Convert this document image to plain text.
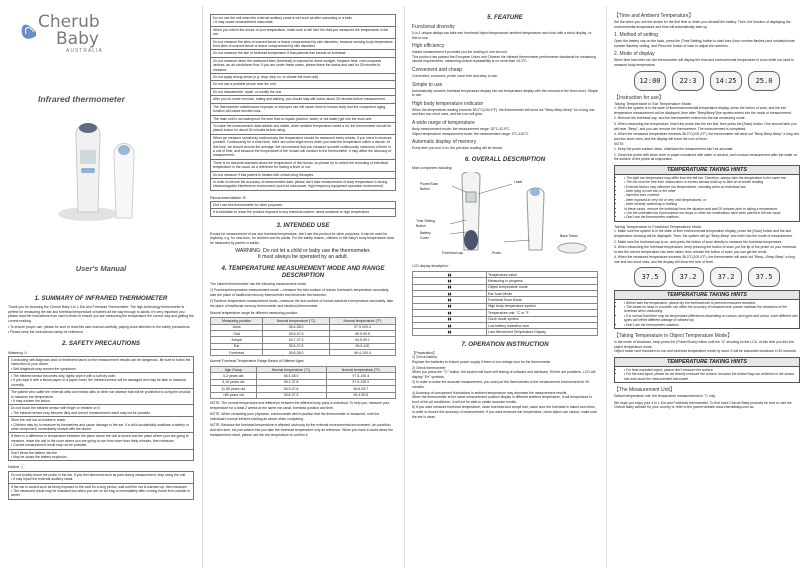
Cherub
Baby
AUSTRALIA
Infrared thermometer
User's Manual
1. SUMMARY OF INFRARED THERMOMETER

Thank you for choosing the Cherub Baby 4 in 1 Ear and Forehead Thermometer. The high technology thermometer is perfect for measuring the ear and forehead temperature of babies all the way through to adults. It's very important you please read the instructions from start to finish to ensure you are measuring the temperature the correct way and getting the correct reading.

• To ensure proper use, please be sure to read this user manual carefully, paying close attention to the safety precautions.

• Please keep the instructions handy for reference.

2. SAFETY PRECAUTIONS
Warning ⚠

Conducting self-diagnosis and/ or treatment based on the measurement results can be dangerous. Be sure to follow the instruction of your doctor.
• Self-diagnosis may worsen the symptoms.

• The infrared sensor becomes dirty, lightly wipe it with a soft dry cloth.
• If you wipe it with a tissue paper or a paper towel, the infrared sensor will be damaged and may be able to measure correctly.

The patient who suffer the external otitis and media otitis or other ear disease that will be prohibited to using the product to measure ear temperature.
• It may worsen the lesion.

Do not touch the infrared sensor with finger or breathe on it.
• The infrared sensor may become dirty and correct measurement result may not be possible.

Store the unit out of children's reach.
• Children may try to measure by themselves and cause damage to the ear. If a child accidentally swallows a battery or other component, immediately consult with the doctor.

If there is a difference in temperature between the place where the unit is stored and the place where your are going to measure, leave the unit in the room where you are going to use form more than thirty minutes, then measure.
• Correct measurement result may not be possible.

Don't throw the battery into fire
• May be cause the battery explosion.

Notice ⓘ

Do not forcibly insert the probe in the ear. If you feel abnormal such as pain during measurement, stop using the unit.
• It may injure the external auditory canal.

If the ear is cooled such as being exposed to the cold for a long period, wait until the ear is warmed up, then measure.
• The measured result may be indicated low when you are on ice bag or immediately after coming home from outside in winter.

Do not use the unit when the external auditory canal is wet such as after swimming or a bath.
• It may cause measurement inaccurate.

When you inform the doctor of your temperature, make sure to tell him/ her that you measured the temperature in the ear.

Do not measure the sites of scarred tissue or tissue compromised by skin disorders, because sensing body temperature from sites of scarred tissue or tissue compromised by skin disorders.

Do not measure the site of forehead temperature if that patients has trauma on forehead.

Do not measure when the measured sites (forehead) is exposed to direct sunlight, fireplace heat, cold compress devices, an air conditioner flow. If you are under these cases, please leave the status and wait for 30 minutes to measure.

Do not apply strong shock (e.g. drop, step on, or vibrate the main unit).

Do not use a portable phone near the unit.

Do not disassemble, repair, or modify the unit.

After you do some exercise, eating and bathing, you should stay still indoor about 30 minutes before measurement.

The thermometer maintenance improper or improper use will cause harm to human body and the component aging function will cause function loss.

The main unit is not waterproof. Be sure that no liquids (alcohol, water, or hot water) get into the main unit.

To make the measurement data reliable and stable, when ambient temperature varies a lot, the thermometer should be placed indoor for about 30 minutes before using.

When we measure somebody continuously, the temperature should be measured every minute, if you need to measure yourself. Continuously for a short time, there are some slight errors when you read the temperature within a minute. At this time, we should choose the average. We recommend that you measure yourself continuously maximum of three in a unit of time, and because the temperature of the human will conduct to the thermometer, it may affect the accuracy of measurement.

There is no absolute standard about the temperature of the human, so please try to collect the recording of individual temperature in the usual, as a reference for having a fever or not.

Do not measure if that patient is treated with certain drug therapies.

In order to ensure the accuracy of measurement data, please don't take measurement of body temperature in strong electromagnetic interference environment (such as microwave, high frequency equipment operation environment).

Recommendation ⊘

Don't use this thermometer for other purposes.

It is forbidden to leave the product exposed to any chemical solvent, direct sunshine or high temperature.

3. INTENDED USE

Except for measurement of ear and forehead temperature, don't use this product for other purposes. It can be used for anybody, e.g. for new-born, for children and for adults. For the safety reason, children or the baby's body temperature must be measured by parent or adults.

WARNING: Do not let a child or baby use the thermometer.

It must always be operated by an adult.

4. TEMPERATURE MEASUREMENT MODE AND RANGE DESCRIPTION

The Infrared thermometer has the following measurement mode:

1) Forehead temperature measurement mode —measure the skin surface of human forehead's temperature accurately, take the place of traditional mercury thermometer and electronic thermometer.

2) Eardrum temperature measurement mode—measure the skin surface of human eardrum's temperature accurately, take the place of traditional mercury thermometer and electrical thermometer.

Normal temperature range for different measuring position:

Measuring position	Normal temperature (°C)	Normal temperature (°F)
Anus	36.6-38.0	97.9-100.4
Oral	35.5-37.5	95.9-99.5
Armpit	34.7-37.3	94.5-99.1
Ear	35.5-37.8	95.9-100
Forehead	35.8-38.0	96.4-100.4

Normal Forehead Temperature Range Based of Different Ages

Age Group	Normal temperature (°C)	Normal temperature (°F)
0-2 years old	36.4-38.0	97.5-100.4
3-10 years old	36.1-37.8	97.0-100.0
11-65 years old	35.9-37.6	96.6-99.7
>65 years old	35.8-37.5	96.4-99.5

NOTE: The normal temperature and difference between the different body parts is individual. To help you, measure your temperature for a least 2 weeks at the same ear canal, forehead position and time.

NOTE: When consulting your physician, communicate which position that the thermometer is measured, note the individual's normal infrared reading as above when comparing.

NOTE: Because the forehead temperature is affected obviously by the external environmental environment, air-condition and skin tone, etc).we advice that you take the forehead temperature only as reference. When you have a doubt about the measurement result, please use the ear temperature to confirm it.

5. FEATURE
Functional diversity

5-in-1 unique design can take ear/ forehead/ object temperature/ ambient temperature and clock with a clock display, i.e. five-in-one.

High efficiency

Instant measurement it provides you the reading in one second.
This product has passed the European Union and Chinese the Infrared thermometer performance standards for measuring clinical requirements, measuring clinical repeatability is no more than ±0.3°C.

Convenient and cheap

Convenient, economic, probe cover free and easy to use.

Simple to use

Automatically converts forehead temperature display into ear temperature display with the removal of the front cover. Simple to use

High body temperature indicator

When the temperature reading exceeds 38.0°C(100.4°F), the thermometer will send out "Beep-Beep-Beep" for a long one and then two short ones, and the icon will glow.

A wide range of temperature

Body measurement mode: the measurement range: 32°C-42.9°C.
Object temperature measurement mode: the measurement range: 0°C-100°C.

Automatic display of memory

Every time you turn it on, the previous reading will be shown.

6. OVERALL DESCRIPTION

Main component including:

Power/Scan
Button
Label
Time Setting
Button
Battery
Cover
Forehead cap	Probe
Base Stand

LCD display description:

▮▮	Temperature value
▮▮	Measuring in progress
▮▮	Object temperature mode
▮▮	Ear Scan Mode
▮▮	Forehead Scan Mode
▮▮	High body temperature symbol
▮▮	Temperature unit: °C or °F
▮▮	Clock mode symbol
▮▮	Low battery indication icon
▮▮	Last Memorized Temperature Display
7. OPERATION INSTRUCTION

【Preparation】

1) Check battery.
Replace the batteries to ensure power supply if there is low voltage icon for the thermometer.

2) Check thermometer
When you press the "Ⓞ" button, the system will have self testing of software and hardware. If there are problems, LCD will display "Err" symbols.

3) In order to make the accurate measurement, you must put the thermometer in the measurement environment for 30 minutes.

4) Accuracy of unexpected fluctuations in ambient temperature may decrease the measurement results.
When the thermometer at the same measurement position display in different ambient temperature, it will temperature in front of the air conditioner, it will not be able to obtain accurate results.

5) If you want measure forehead temperature, clean forehead and armpit hair, make sure the forehead is naked and clean, in order to ensure the accuracy of measurement. If you want measure ear temperature, clean object use cannot, make sure the ear is clean.

【Time and Ambient Temperature】

Set the when you use the device for the first time or when you reinstall the battery. Then, the function of displaying the environmental temperature and time will automatically start up.

1. Method of setting

Open the battery cap on the back, press the (Time Setting) button to start hour (hour number flashes) and minute(minute number flashes) setting, and Press the button of scan to adjust the numbers.

2. Mode of display

When time has been set, the thermometer will display the time and environmental temperature in turns while not used to measure body temperature.

12:00	22:3	14:25	25.0
【Instruction for use】

Taking Temperature in Ear Temperature Mode

1. When the system is in the state of time/environmental temperature display, press the button of scan, and the ear temperature measurement will be displayed, then after "Beep/Beep"(the system enters into the mode of measurement.

2. Remove the forehead cap, and the thermometer enters into the ear measuring mode.

3. When measuring ear temperature, insert the probe into the ear first, then press the [Scan] button. One second later you will hear "Beep", and you can remove the thermometer. The measurement is completed.

4. When the measured temperature exceeds 38.0°C(100.4°F), the thermometer will send out "Beep-Beep-Beep" a long one and two short ones, and the display will show the icon of fever.

NOTE:

1. Keep the probe surface clean, otherwise the measurement can't be accurate.

2. Clean the probe with clean cloth or paper moistened with water or alcohol, and conduct measurement after the water on the surface of the probe all evaporates.

TEMPERATURE TAKING HINTS
• • The right ear temperature may differ from the left ear. Therefore, always take the temperature in the same ear.
• • The ear must be free from obstructions or excess earwax build-up to take an accurate reading.
• • External factors may influence ear temperatures, including when an individual has:
• - been lying on one ear or the other
• - had their ears covered
• - been exposed to very hot or very cold temperatures, or
• - been recently swimming or bathing
• In these cases, remove the individual from the situation and wait 30 minutes prior to taking a temperature.
• • Use the untreated ear if prescription ear drops or other ear medications have been placed in the ear canal.
• • Don't use the thermometer outdoors.

Taking Temperature in Forehead Temperature Mode

1. Make sure the system is in the state of time environmental temperature display, press the [Scan] button and the last temperature showing will be displayed. Then, the system will go "Beep-Beep" and enter into the mode of measurement.

2. Make sure the forehead cap is on, and press the button of scan directly to measure the forehead temperature.

3. When measuring the forehead temperature, keep pressing the button of scan, put the tip of the probe on your forehead, to see the correct temperature has been taken, then release the button of scan; you can get the result.

4. When the measured temperature exceeds 38.0°C(100.4°F), the thermometer will send out "Beep—Beep-Beep" a long one and two short ones, and the display will show the icon of fever.

37.5	37.2	37.2	37.5
TEMPERATURE TAKING HINTS
• • Before take the temperature, please dry the forehead hair to prevent measured deviation.
• • The sweat on head or cosmetic can affect the accuracy of measurement, please maintain the cleanness of the forehead when measuring.
• • It is normal that there may be temperature differences depending on various skin types and colour, since different skin types will reflect different wattage of infrared ray.
• • Don't use the thermometer outdoors.
【Taking Temperature in Object Temperature Mode】

In the mode of shutdown, keep press the (Power/Scan) button until the "A" showing on the LCD, at this time you into the object temperature mode.
Object mode can't transform to ear and forehead temperature mode by hand. It will be automatic shutdown in 30 seconds.

TEMPERATURE TAKING HINTS
• • For fetal-insulated object, please don't measure the surface.
• • For the hard liquid, please do not directly measure the surface, because the bottom flag can collection in the sensor into and cause the measurement inaccurate.
【The Measurement Unit】

Default temperature unit: the temperature measurements in °C only.

We hope you enjoy your 4 in 1 Ear and Forehead thermometer. To find more Cherub Baby products be sure to visit the Cherub Baby website for your country or refer to the parent website www.cherubbaby.com.au
